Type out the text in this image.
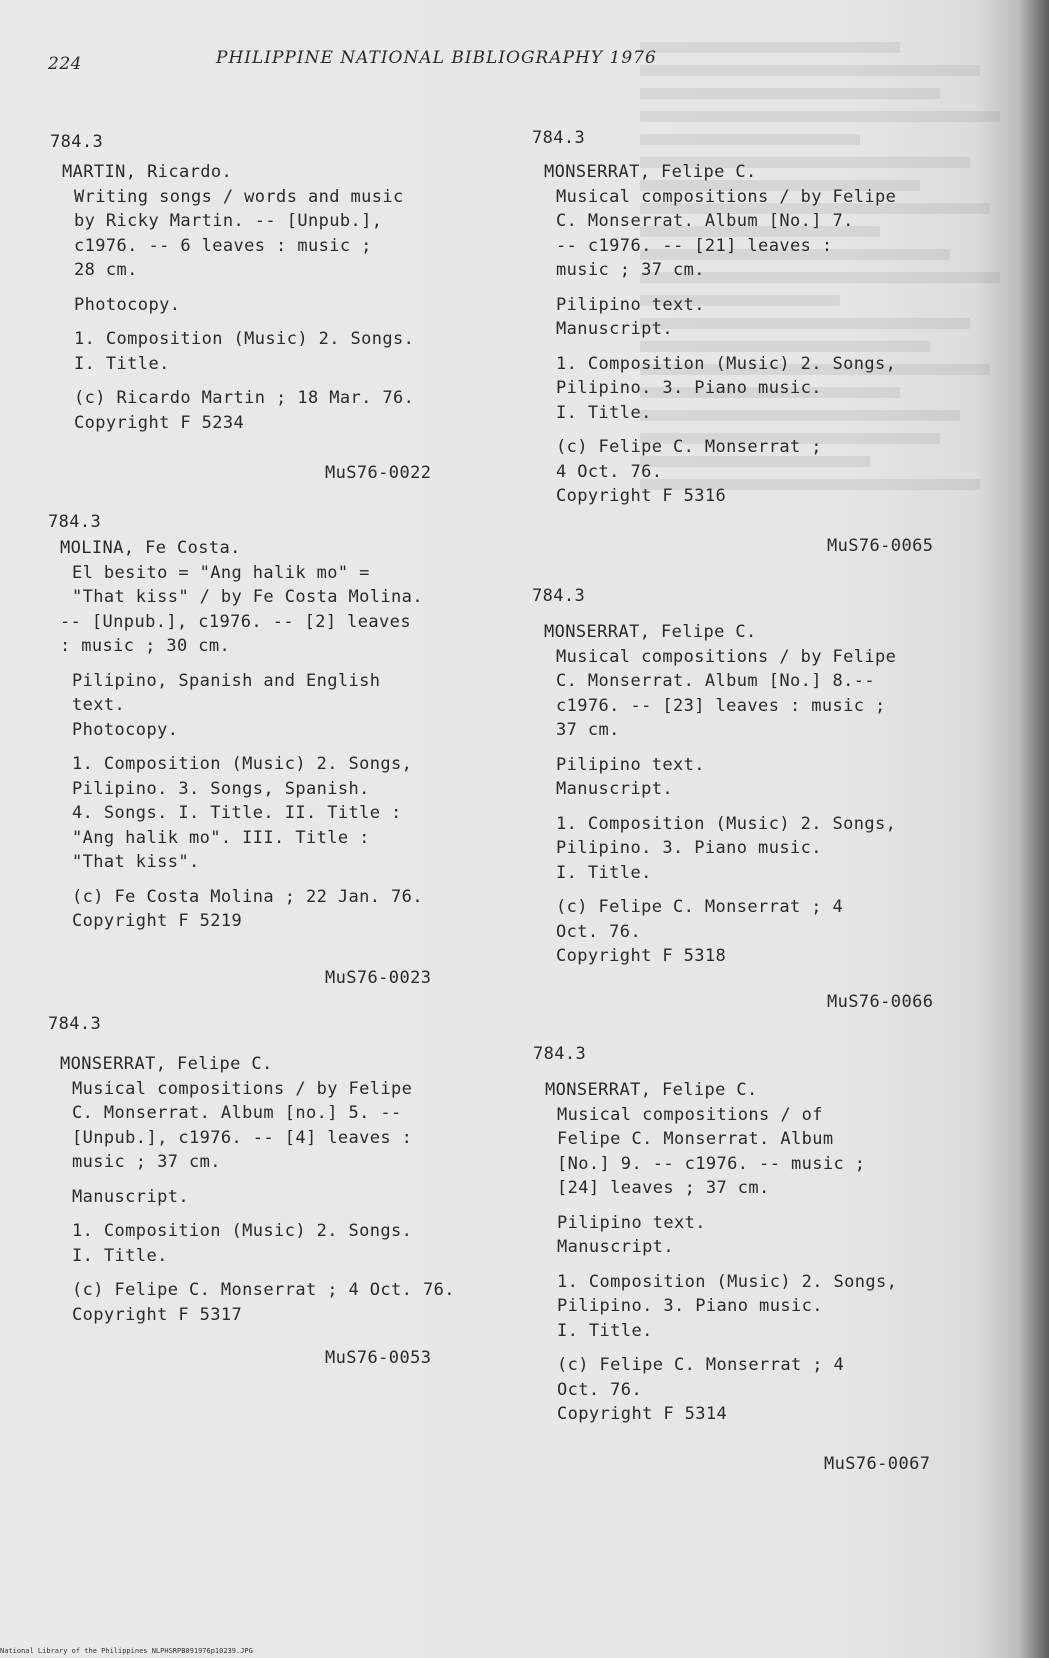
224	PHILIPPINE NATIONAL BIBLIOGRAPHY 1976
784.3
MARTIN, Ricardo.
Writing songs / words and music
by Ricky Martin. -- [Unpub.],
c1976. -- 6 leaves : music ;
28 cm.
Photocopy.
1. Composition (Music) 2. Songs.
I. Title.
(c) Ricardo Martin ; 18 Mar. 76.
Copyright F 5234
MuS76-0022
784.3
MOLINA, Fe Costa.
El besito = "Ang halik mo" =
"That kiss" / by Fe Costa Molina.
-- [Unpub.], c1976. -- [2] leaves
: music ; 30 cm.
Pilipino, Spanish and English
text.
Photocopy.
1. Composition (Music) 2. Songs,
Pilipino. 3. Songs, Spanish.
4. Songs. I. Title. II. Title :
"Ang halik mo". III. Title :
"That kiss".
(c) Fe Costa Molina ; 22 Jan. 76.
Copyright F 5219
MuS76-0023
784.3
MONSERRAT, Felipe C.
Musical compositions / by Felipe
C. Monserrat. Album [no.] 5. --
[Unpub.], c1976. -- [4] leaves :
music ; 37 cm.
Manuscript.
1. Composition (Music) 2. Songs.
I. Title.
(c) Felipe C. Monserrat ; 4 Oct. 76.
Copyright F 5317
MuS76-0053
784.3
MONSERRAT, Felipe C.
Musical compositions / by Felipe
C. Monserrat. Album [No.] 7.
-- c1976. -- [21] leaves :
music ; 37 cm.
Pilipino text.
Manuscript.
1. Composition (Music) 2. Songs,
Pilipino. 3. Piano music.
I. Title.
(c) Felipe C. Monserrat ;
4 Oct. 76.
Copyright F 5316
MuS76-0065
784.3
MONSERRAT, Felipe C.
Musical compositions / by Felipe
C. Monserrat. Album [No.] 8.--
c1976. -- [23] leaves : music ;
37 cm.
Pilipino text.
Manuscript.
1. Composition (Music) 2. Songs,
Pilipino. 3. Piano music.
I. Title.
(c) Felipe C. Monserrat ; 4
Oct. 76.
Copyright F 5318
MuS76-0066
784.3
MONSERRAT, Felipe C.
Musical compositions / of
Felipe C. Monserrat. Album
[No.] 9. -- c1976. -- music ;
[24] leaves ; 37 cm.
Pilipino text.
Manuscript.
1. Composition (Music) 2. Songs,
Pilipino. 3. Piano music.
I. Title.
(c) Felipe C. Monserrat ; 4
Oct. 76.
Copyright F 5314
MuS76-0067
National Library of the Philippines NLPHSRPB091976p10239.JPG
